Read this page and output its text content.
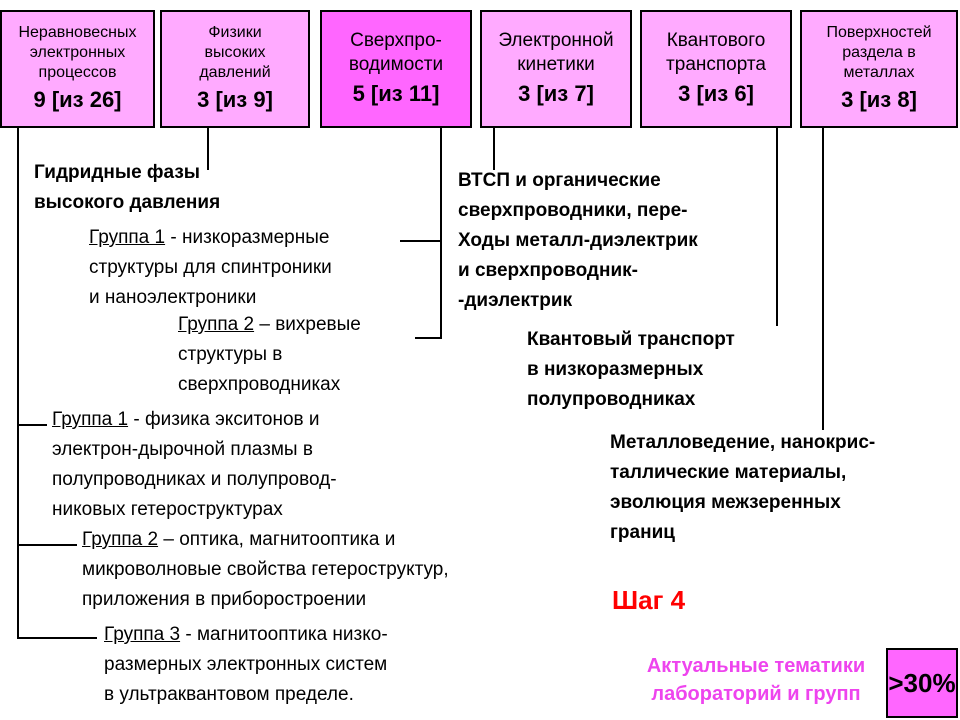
Неравновесных
электронных
процессов
9 [из 26]
Физики
высоких
давлений
3 [из 9]
Сверхпро-
водимости
5 [из 11]
Электронной
кинетики
3 [из 7]
Квантового
транспорта
3 [из 6]
Поверхностей
раздела в
металлах
3 [из 8]
Гидридные фазы
высокого давления
ВТСП и органические
сверхпроводники, пере-
Ходы металл-диэлектрик
и сверхпроводник-
-диэлектрик
Квантовый транспорт
в низкоразмерных
полупроводниках
Металловедение, нанокрис-
таллические материалы,
эволюция межзеренных
границ
Группа 1 - низкоразмерные
структуры для спинтроники
и наноэлектроники
Группа 2 – вихревые
структуры в
сверхпроводниках
Группа 1 - физика экситонов и
электрон-дырочной плазмы в
полупроводниках и полупровод-
никовых гетероструктурах
Группа 2 – оптика, магнитооптика и
микроволновые свойства гетероструктур,
приложения в приборостроении
Группа 3 - магнитооптика низко-
размерных электронных систем
в ультраквантовом пределе.
Шаг 4
Актуальные тематики
лабораторий и групп	>30%
